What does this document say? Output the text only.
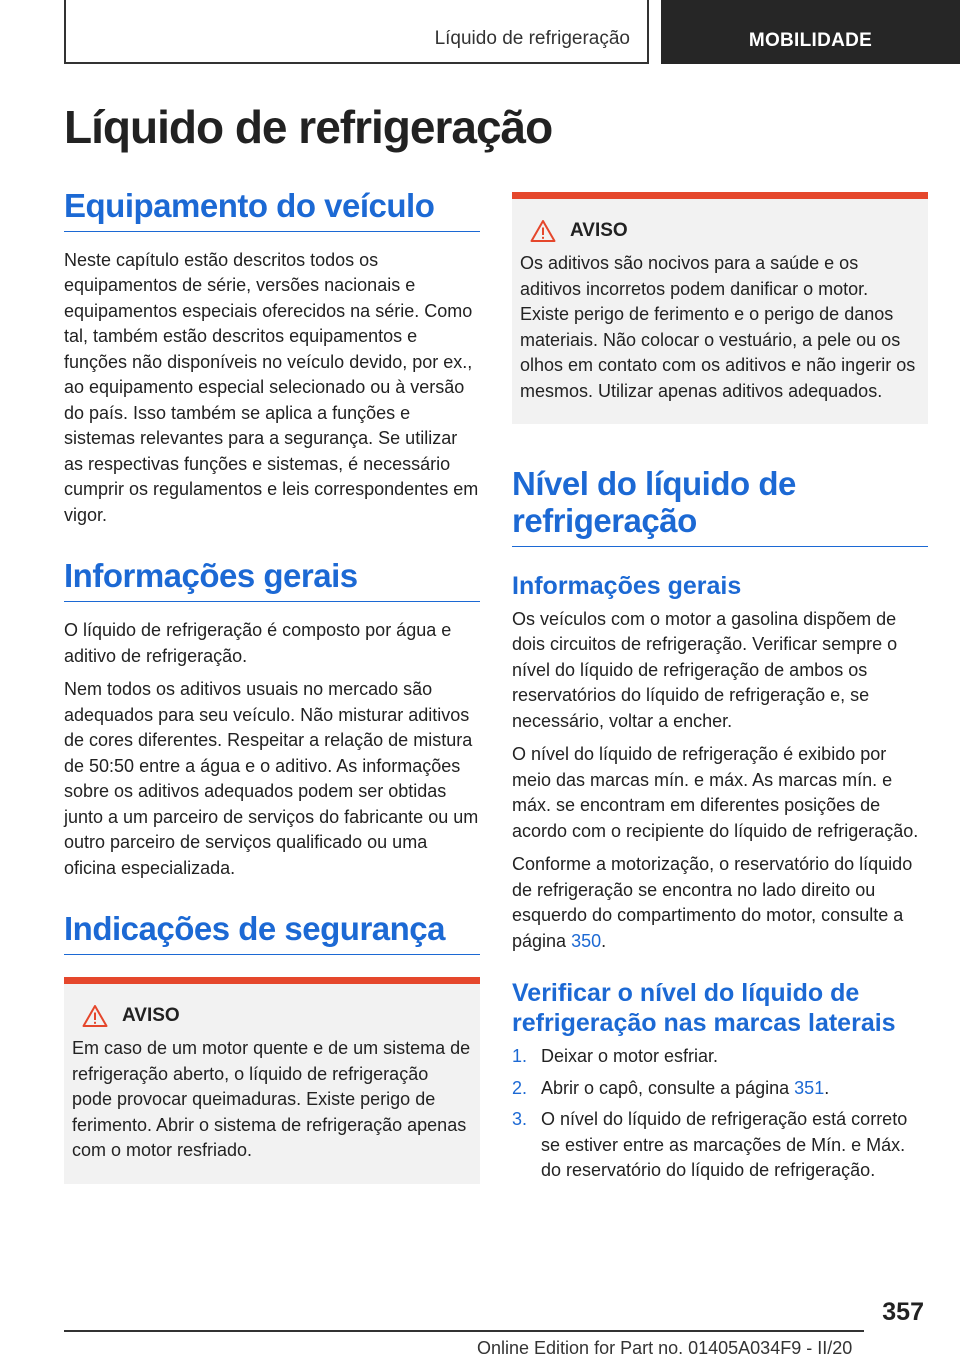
Líquido de refrigeração	MOBILIDADE
Líquido de refrigeração
Equipamento do veículo

Neste capítulo estão descritos todos os equipamentos de série, versões nacionais e equipamentos especiais oferecidos na série. Como tal, também estão descritos equipamentos e funções não disponíveis no veículo devido, por ex., ao equipamento especial selecionado ou à versão do país. Isso também se aplica a funções e sistemas relevantes para a segurança. Se utilizar as respectivas funções e sistemas, é necessário cumprir os regulamentos e leis correspondentes em vigor.

Informações gerais

O líquido de refrigeração é composto por água e aditivo de refrigeração.

Nem todos os aditivos usuais no mercado são adequados para seu veículo. Não misturar aditivos de cores diferentes. Respeitar a relação de mistura de 50:50 entre a água e o aditivo. As informações sobre os aditivos adequados podem ser obtidas junto a um parceiro de serviços do fabricante ou um outro parceiro de serviços qualificado ou uma oficina especializada.

Indicações de segurança
AVISO

Em caso de um motor quente e de um sistema de refrigeração aberto, o líquido de refrigeração pode provocar queimaduras. Existe perigo de ferimento. Abrir o sistema de refrigeração apenas com o motor resfriado.

AVISO

Os aditivos são nocivos para a saúde e os aditivos incorretos podem danificar o motor. Existe perigo de ferimento e o perigo de danos materiais. Não colocar o vestuário, a pele ou os olhos em contato com os aditivos e não ingerir os mesmos. Utilizar apenas aditivos adequados.

Nível do líquido de refrigeração
Informações gerais

Os veículos com o motor a gasolina dispõem de dois circuitos de refrigeração. Verificar sempre o nível do líquido de refrigeração de ambos os reservatórios do líquido de refrigeração e, se necessário, voltar a encher.

O nível do líquido de refrigeração é exibido por meio das marcas mín. e máx. As marcas mín. e máx. se encontram em diferentes posições de acordo com o recipiente do líquido de refrigeração.

Conforme a motorização, o reservatório do líquido de refrigeração se encontra no lado direito ou esquerdo do compartimento do motor, consulte a página 350.

Verificar o nível do líquido de refrigeração nas marcas laterais
1. Deixar o motor esfriar.
2. Abrir o capô, consulte a página 351.
3. O nível do líquido de refrigeração está correto se estiver entre as marcações de Mín. e Máx. do reservatório do líquido de refrigeração.
357
Online Edition for Part no. 01405A034F9 - II/20
